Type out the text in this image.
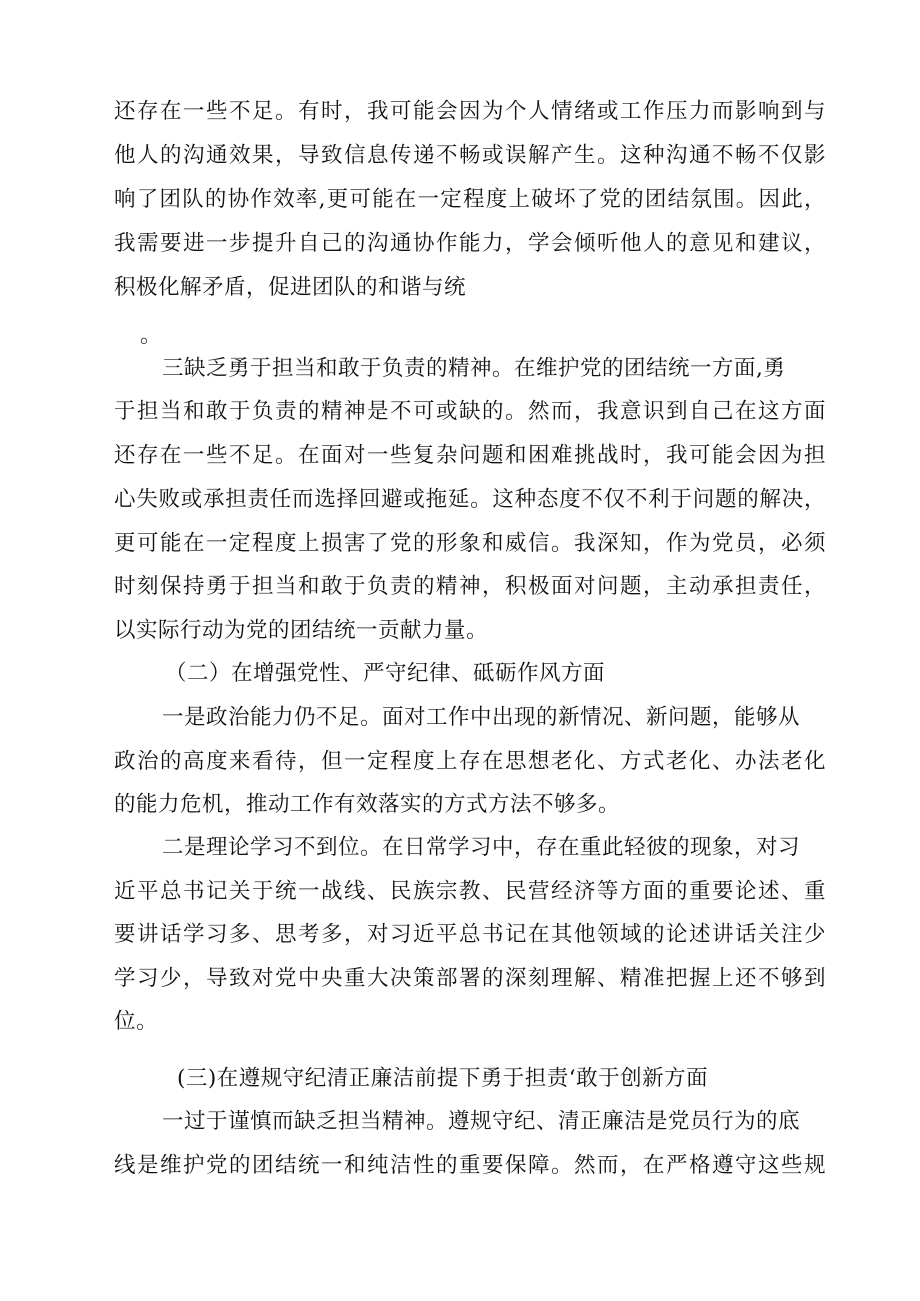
还存在一些不足。有时，我可能会因为个人情绪或工作压力而影响到与
他人的沟通效果，导致信息传递不畅或误解产生。这种沟通不畅不仅影
响了团队的协作效率,更可能在一定程度上破坏了党的团结氛围。因此，
我需要进一步提升自己的沟通协作能力，学会倾听他人的意见和建议，
积极化解矛盾，促进团队的和谐与统
。
三缺乏勇于担当和敢于负责的精神。在维护党的团结统一方面,勇
于担当和敢于负责的精神是不可或缺的。然而，我意识到自己在这方面
还存在一些不足。在面对一些复杂问题和困难挑战时，我可能会因为担
心失败或承担责任而选择回避或拖延。这种态度不仅不利于问题的解决，
更可能在一定程度上损害了党的形象和威信。我深知，作为党员，必须
时刻保持勇于担当和敢于负责的精神，积极面对问题，主动承担责任，
以实际行动为党的团结统一贡献力量。
（二）在增强党性、严守纪律、砥砺作风方面
一是政治能力仍不足。面对工作中出现的新情况、新问题，能够从
政治的高度来看待，但一定程度上存在思想老化、方式老化、办法老化
的能力危机，推动工作有效落实的方式方法不够多。
二是理论学习不到位。在日常学习中，存在重此轻彼的现象，对习
近平总书记关于统一战线、民族宗教、民营经济等方面的重要论述、重
要讲话学习多、思考多，对习近平总书记在其他领域的论述讲话关注少
学习少，导致对党中央重大决策部署的深刻理解、精准把握上还不够到
位。
(三)在遵规守纪清正廉洁前提下勇于担责‘敢于创新方面
一过于谨慎而缺乏担当精神。遵规守纪、清正廉洁是党员行为的底
线是维护党的团结统一和纯洁性的重要保障。然而，在严格遵守这些规
